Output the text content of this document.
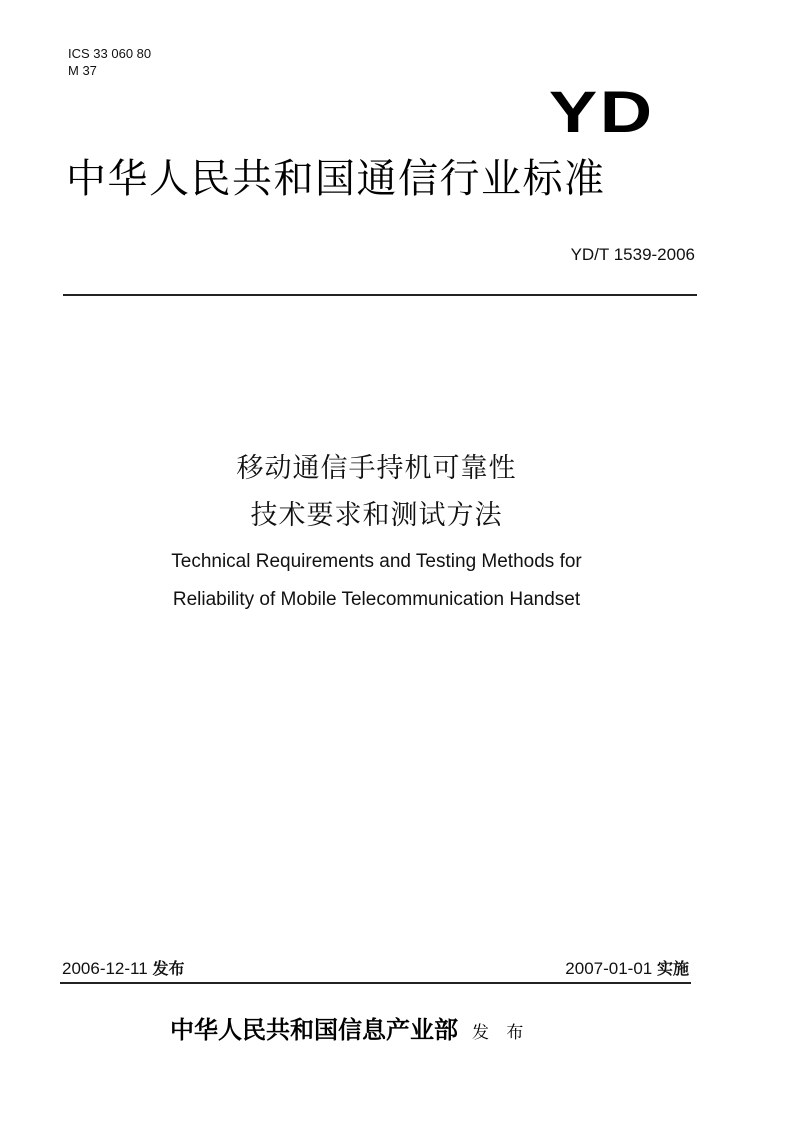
ICS 33 060 80
M 37
YD
中华人民共和国通信行业标准
YD/T 1539-2006
移动通信手持机可靠性
技术要求和测试方法
Technical Requirements and Testing Methods for
Reliability of Mobile Telecommunication Handset
2006-12-11 发布	2007-01-01 实施
中华人民共和国信息产业部 发 布
